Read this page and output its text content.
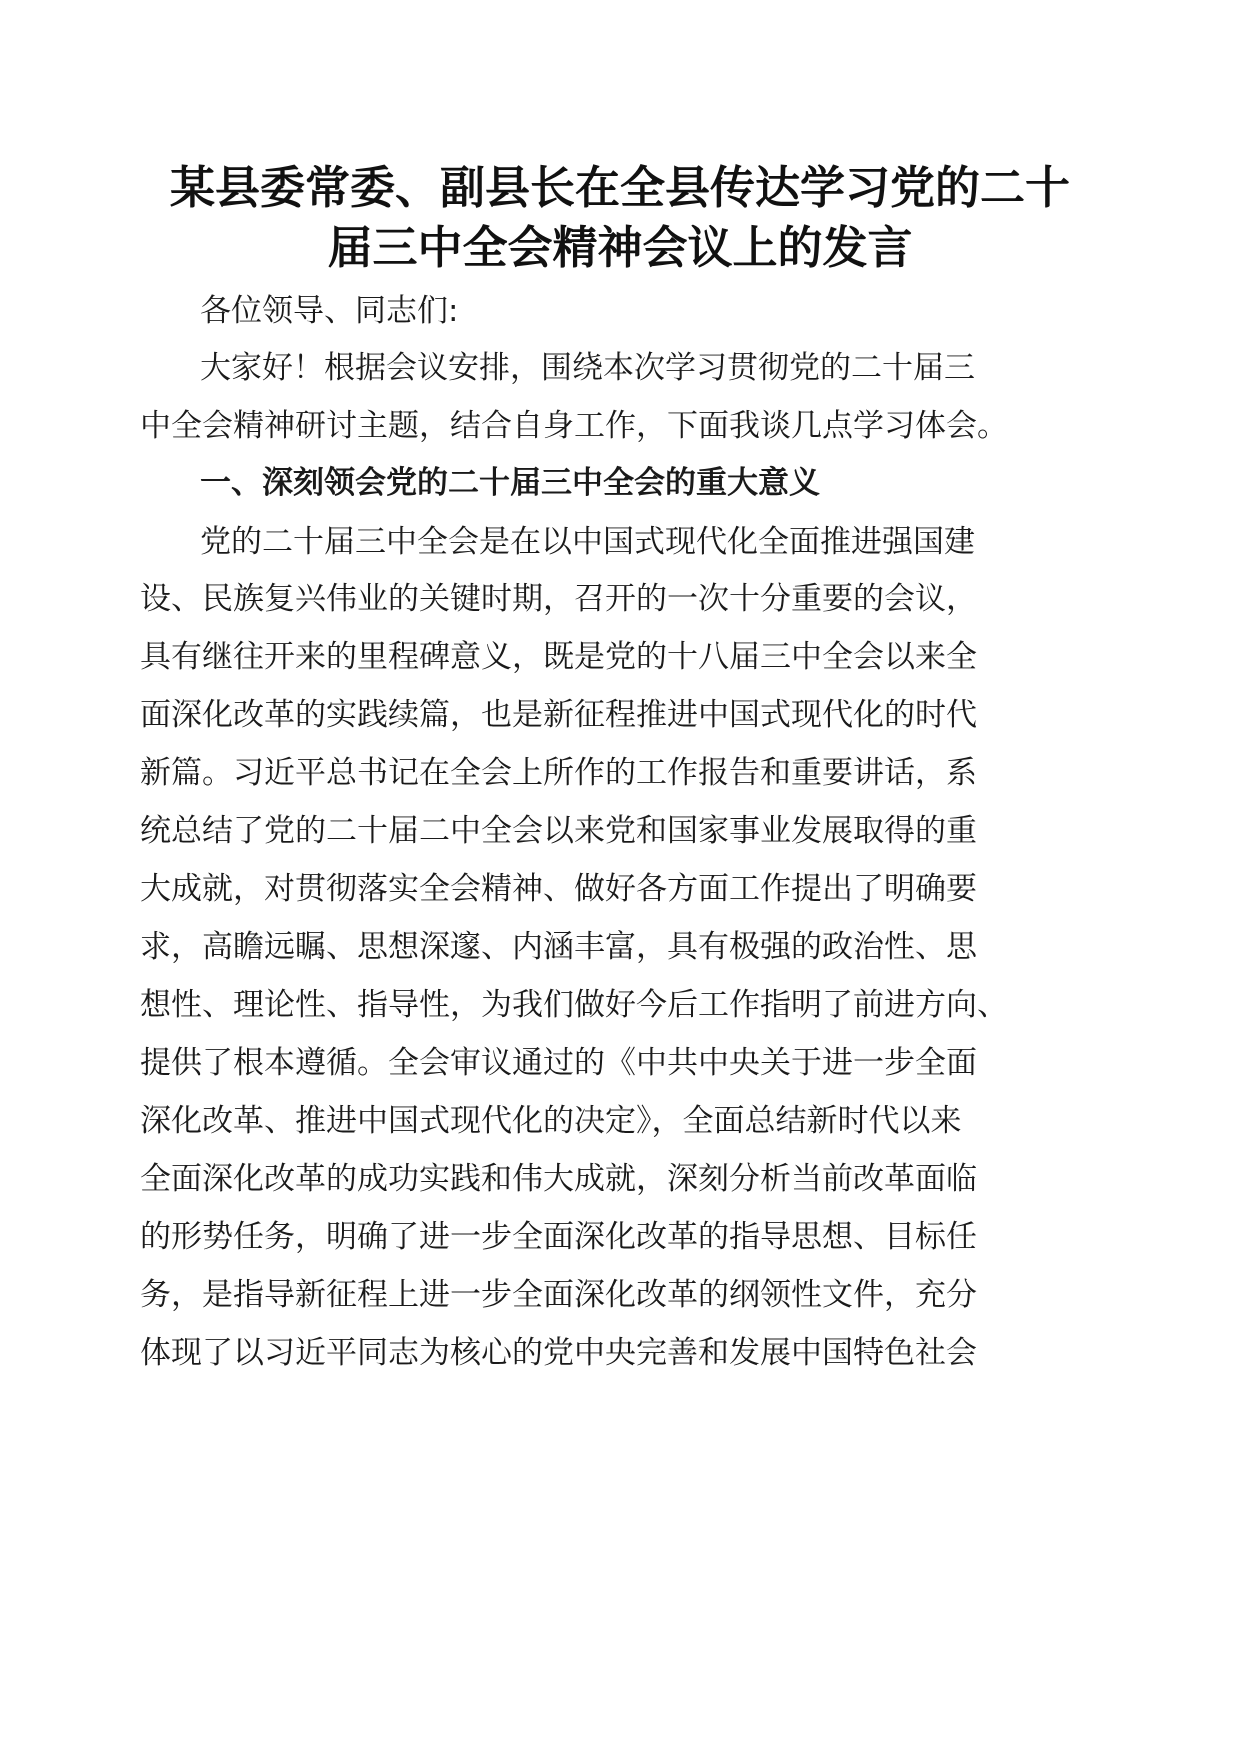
某县委常委、副县长在全县传达学习党的二十
届三中全会精神会议上的发言
各位领导、同志们:
大家好！根据会议安排，围绕本次学习贯彻党的二十届三
中全会精神研讨主题，结合自身工作，下面我谈几点学习体会。
一、深刻领会党的二十届三中全会的重大意义
党的二十届三中全会是在以中国式现代化全面推进强国建
设、民族复兴伟业的关键时期，召开的一次十分重要的会议，
具有继往开来的里程碑意义，既是党的十八届三中全会以来全
面深化改革的实践续篇，也是新征程推进中国式现代化的时代
新篇。习近平总书记在全会上所作的工作报告和重要讲话，系
统总结了党的二十届二中全会以来党和国家事业发展取得的重
大成就，对贯彻落实全会精神、做好各方面工作提出了明确要
求，高瞻远瞩、思想深邃、内涵丰富，具有极强的政治性、思
想性、理论性、指导性，为我们做好今后工作指明了前进方向、
提供了根本遵循。全会审议通过的《中共中央关于进一步全面
深化改革、推进中国式现代化的决定》，全面总结新时代以来
全面深化改革的成功实践和伟大成就，深刻分析当前改革面临
的形势任务，明确了进一步全面深化改革的指导思想、目标任
务，是指导新征程上进一步全面深化改革的纲领性文件，充分
体现了以习近平同志为核心的党中央完善和发展中国特色社会
